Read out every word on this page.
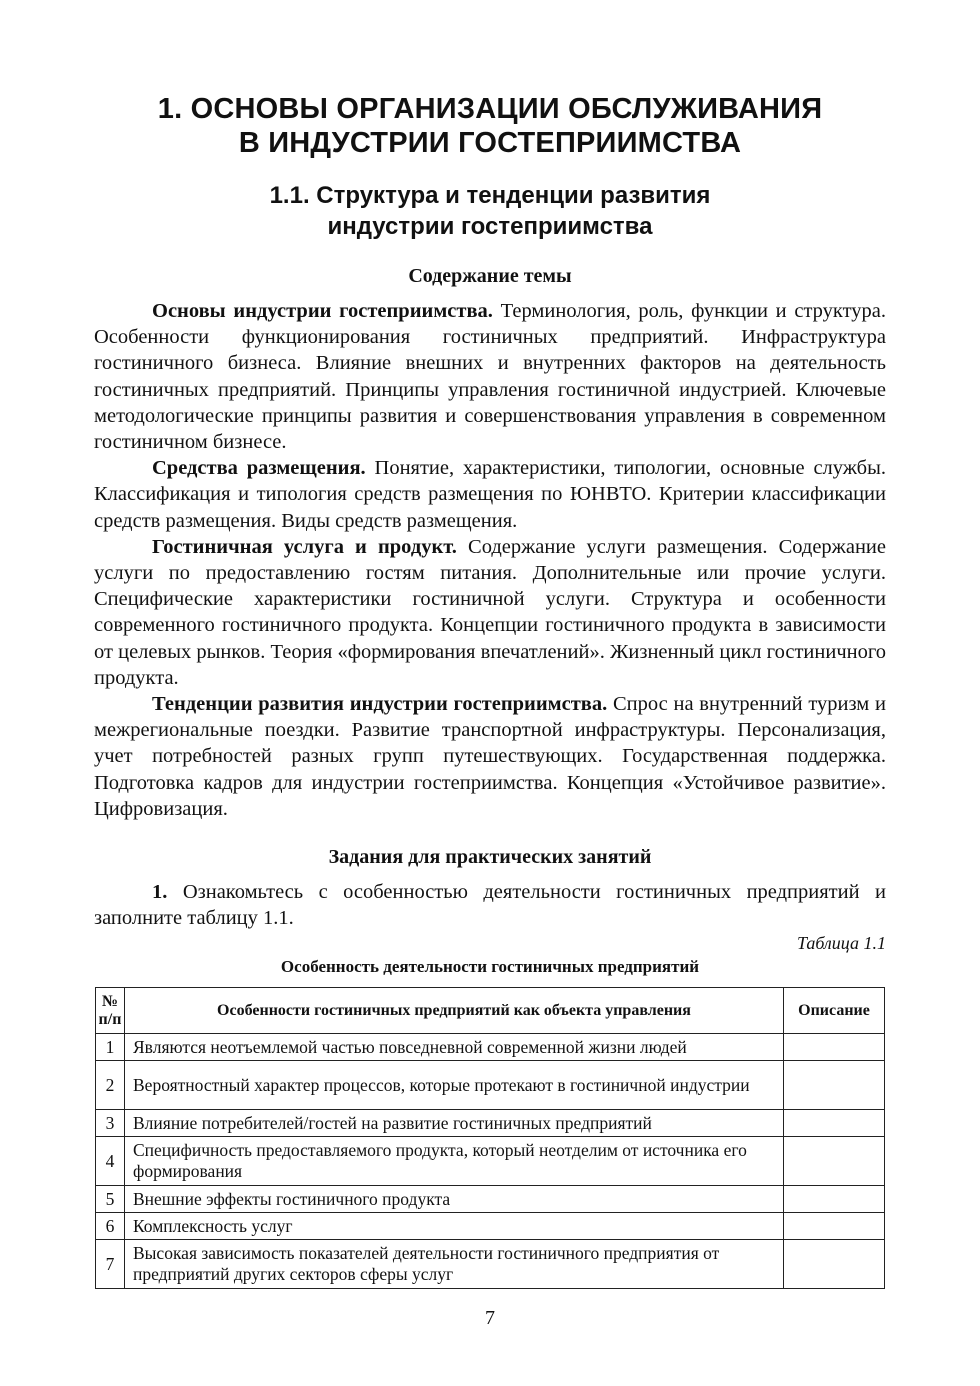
1. ОСНОВЫ ОРГАНИЗАЦИИ ОБСЛУЖИВАНИЯ
В ИНДУСТРИИ ГОСТЕПРИИМСТВА
1.1. Структура и тенденции развития
индустрии гостеприимства
Содержание темы

Основы индустрии гостеприимства. Терминология, роль, функции и структура. Особенности функционирования гостиничных предприятий. Инфраструктура гостиничного бизнеса. Влияние внешних и внутренних факторов на деятельность гостиничных предприятий. Принципы управления гостиничной индустрией. Ключевые методологические принципы развития и совершенствования управления в современном гостиничном бизнесе.

Средства размещения. Понятие, характеристики, типологии, основные службы. Классификация и типология средств размещения по ЮНВТО. Критерии классификации средств размещения. Виды средств размещения.

Гостиничная услуга и продукт. Содержание услуги размещения. Содержание услуги по предоставлению гостям питания. Дополнительные или прочие услуги. Специфические характеристики гостиничной услуги. Структура и особенности современного гостиничного продукта. Концепции гостиничного продукта в зависимости от целевых рынков. Теория «формирования впечатлений». Жизненный цикл гостиничного продукта.

Тенденции развития индустрии гостеприимства. Спрос на внутренний туризм и межрегиональные поездки. Развитие транспортной инфраструктуры. Персонализация, учет потребностей разных групп путешествующих. Государственная поддержка. Подготовка кадров для индустрии гостеприимства. Концепция «Устойчивое развитие». Цифровизация.

Задания для практических занятий

1. Ознакомьтесь с особенностью деятельности гостиничных предприятий и заполните таблицу 1.1.

Таблица 1.1
Особенность деятельности гостиничных предприятий
№
п/п	Особенности гостиничных предприятий как объекта управления	Описание
1	Являются неотъемлемой частью повседневной современной жизни людей	
2	Вероятностный характер процессов, которые протекают в гостиничной индустрии	
3	Влияние потребителей/гостей на развитие гостиничных предприятий	
4	Специфичность предоставляемого продукта, который неотделим от источника его формирования	
5	Внешние эффекты гостиничного продукта	
6	Комплексность услуг	
7	Высокая зависимость показателей деятельности гостиничного предприятия от предприятий других секторов сферы услуг	
7
